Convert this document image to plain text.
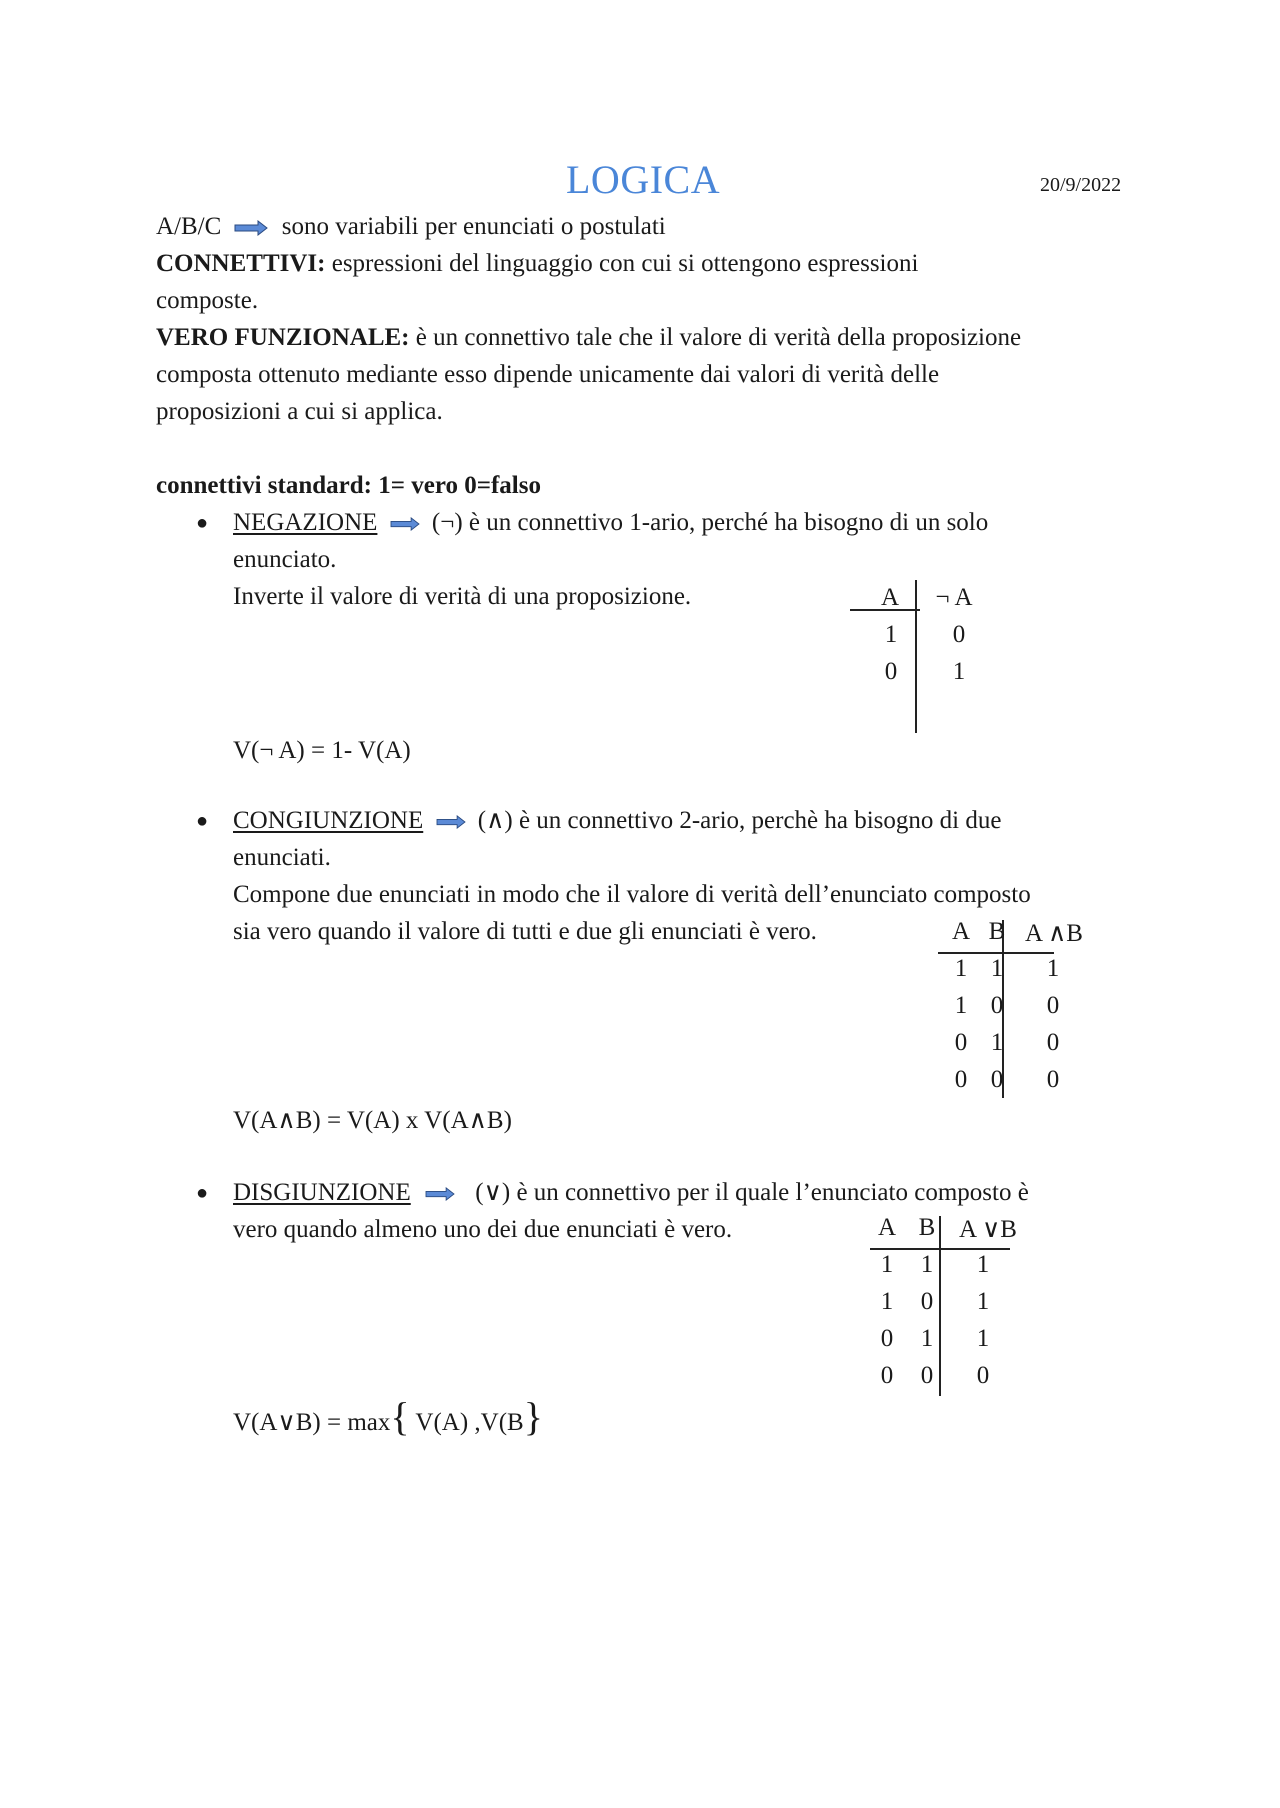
LOGICA	20/9/2022
A/B/C sono variabili per enunciati o postulati
CONNETTIVI: espressioni del linguaggio con cui si ottengono espressioni
composte.
VERO FUNZIONALE: è un connettivo tale che il valore di verità della proposizione
composta ottenuto mediante esso dipende unicamente dai valori di verità delle
proposizioni a cui si applica.
connettivi standard: 1= vero 0=falso
● NEGAZIONE (¬) è un connettivo 1-ario, perché ha bisogno di un solo
enunciato.
Inverte il valore di verità di una proposizione.	A	¬ A
1	0
0	1
V(¬ A) = 1- V(A)
● CONGIUNZIONE (∧) è un connettivo 2-ario, perchè ha bisogno di due
enunciati.
Compone due enunciati in modo che il valore di verità dell’enunciato composto
sia vero quando il valore di tutti e due gli enunciati è vero.	A B A ∧B
1 1 1
1 0 0
0 1 0
0 0 0
V(A∧B) = V(A) x V(A∧B)
● DISGIUNZIONE	(∨) è un connettivo per il quale l’enunciato composto è
vero quando almeno uno dei due enunciati è vero.	A B A ∨B
1 1 1
1 0 1
0 1 1
0 0 0
V(A∨B) = max{ V(A) ,V(B}
